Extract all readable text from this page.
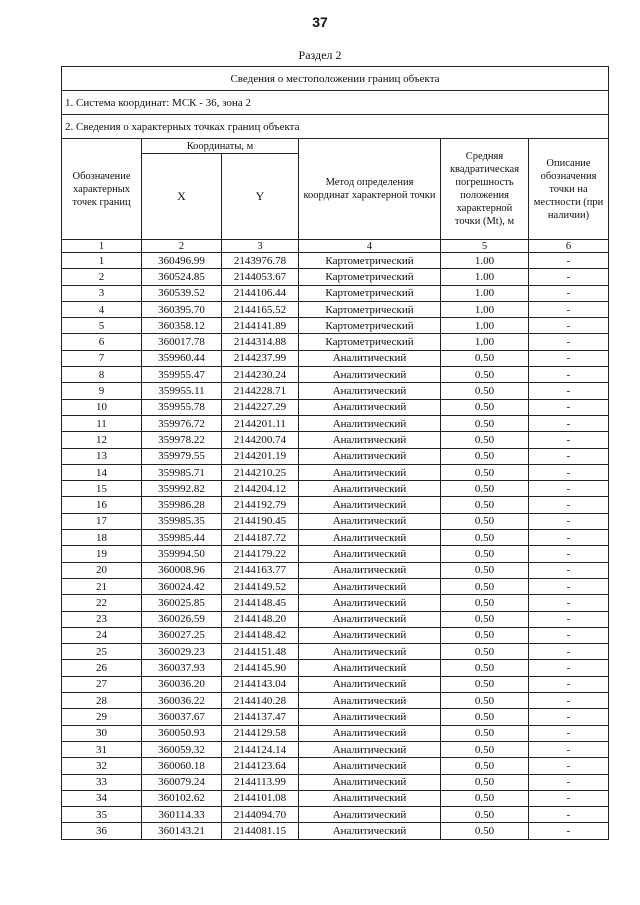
37
Раздел 2
Сведения о местоположении границ объекта					
1. Система координат: МСК - 36, зона 2					
2. Сведения о характерных точках границ объекта					
Обозначение характерных точек границ	Координаты, м		Метод определения координат характерной точки	Средняя квадратическая погрешность положения характерной точки (Mt), м	Описание обозначения точки на местности (при наличии)
	X	Y			
1	2	3	4	5	6
1	360496.99	2143976.78	Картометрический	1.00	-
2	360524.85	2144053.67	Картометрический	1.00	-
3	360539.52	2144106.44	Картометрический	1.00	-
4	360395.70	2144165.52	Картометрический	1.00	-
5	360358.12	2144141.89	Картометрический	1.00	-
6	360017.78	2144314.88	Картометрический	1.00	-
7	359960.44	2144237.99	Аналитический	0.50	-
8	359955.47	2144230.24	Аналитический	0.50	-
9	359955.11	2144228.71	Аналитический	0.50	-
10	359955.78	2144227.29	Аналитический	0.50	-
11	359976.72	2144201.11	Аналитический	0.50	-
12	359978.22	2144200.74	Аналитический	0.50	-
13	359979.55	2144201.19	Аналитический	0.50	-
14	359985.71	2144210.25	Аналитический	0.50	-
15	359992.82	2144204.12	Аналитический	0.50	-
16	359986.28	2144192.79	Аналитический	0.50	-
17	359985.35	2144190.45	Аналитический	0.50	-
18	359985.44	2144187.72	Аналитический	0.50	-
19	359994.50	2144179.22	Аналитический	0.50	-
20	360008.96	2144163.77	Аналитический	0.50	-
21	360024.42	2144149.52	Аналитический	0.50	-
22	360025.85	2144148.45	Аналитический	0.50	-
23	360026.59	2144148.20	Аналитический	0.50	-
24	360027.25	2144148.42	Аналитический	0.50	-
25	360029.23	2144151.48	Аналитический	0.50	-
26	360037.93	2144145.90	Аналитический	0.50	-
27	360036.20	2144143.04	Аналитический	0.50	-
28	360036.22	2144140.28	Аналитический	0.50	-
29	360037.67	2144137.47	Аналитический	0.50	-
30	360050.93	2144129.58	Аналитический	0.50	-
31	360059.32	2144124.14	Аналитический	0.50	-
32	360060.18	2144123.64	Аналитический	0.50	-
33	360079.24	2144113.99	Аналитический	0.50	-
34	360102.62	2144101.08	Аналитический	0.50	-
35	360114.33	2144094.70	Аналитический	0.50	-
36	360143.21	2144081.15	Аналитический	0.50	-
